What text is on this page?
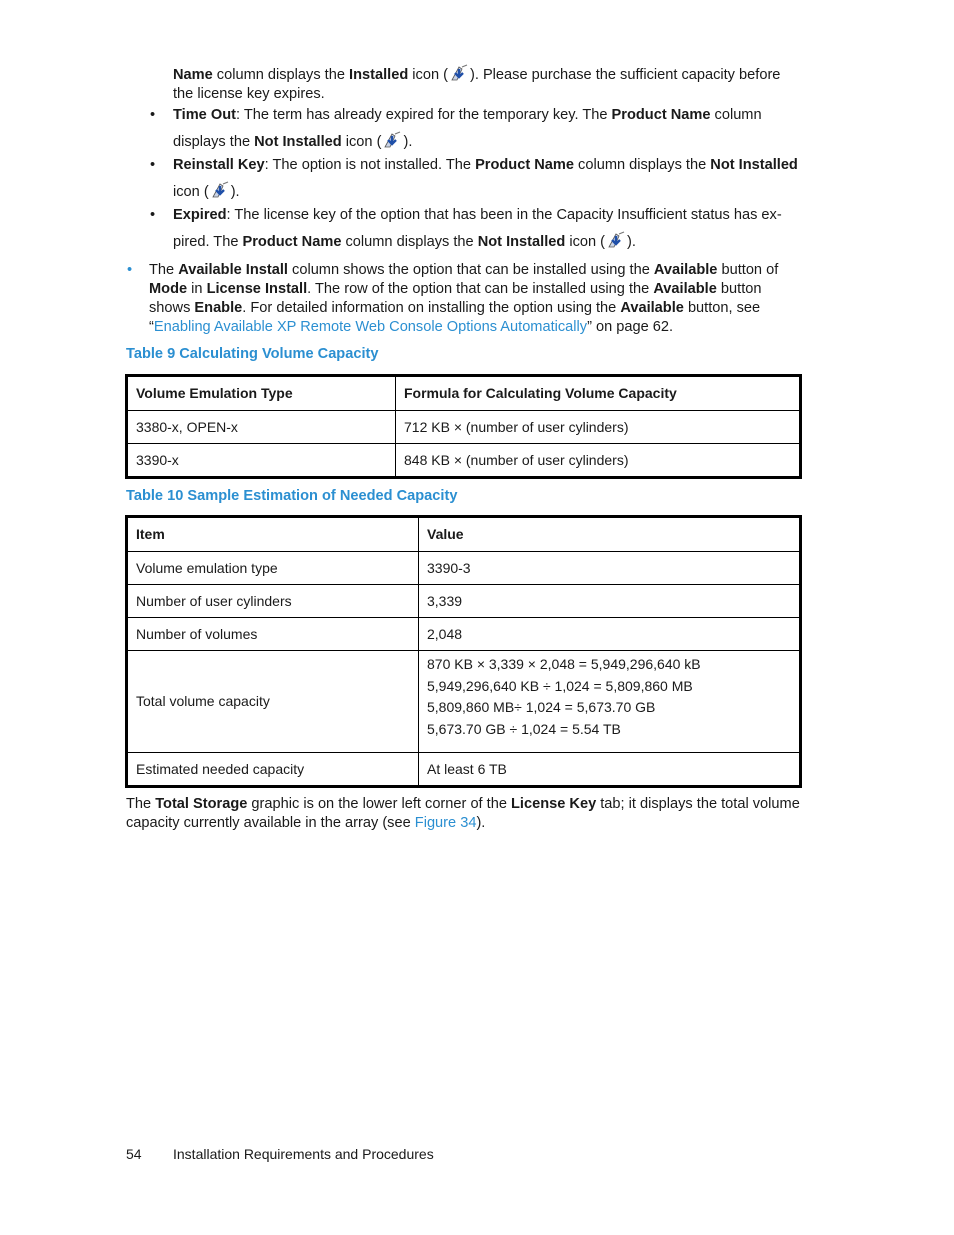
Name column displays the Installed icon ( ). Please purchase the sufficient capacity before the license key expires.
• Time Out: The term has already expired for the temporary key. The Product Name column displays the Not Installed icon ( ).
• Reinstall Key: The option is not installed. The Product Name column displays the Not Installed icon ( ).
• Expired: The license key of the option that has been in the Capacity Insufficient status has ex-pired. The Product Name column displays the Not Installed icon ( ).
• The Available Install column shows the option that can be installed using the Available button of Mode in License Install. The row of the option that can be installed using the Available button shows Enable. For detailed information on installing the option using the Available button, see “Enabling Available XP Remote Web Console Options Automatically” on page 62.
Table 9 Calculating Volume Capacity
Volume Emulation Type	Formula for Calculating Volume Capacity
3380-x, OPEN-x	712 KB × (number of user cylinders)
3390-x	848 KB × (number of user cylinders)
Table 10 Sample Estimation of Needed Capacity
Item	Value
Volume emulation type	3390-3
Number of user cylinders	3,339
Number of volumes	2,048
Total volume capacity	870 KB × 3,339 × 2,048 = 5,949,296,640 kB
5,949,296,640 KB ÷ 1,024 = 5,809,860 MB
5,809,860 MB÷ 1,024 = 5,673.70 GB
5,673.70 GB ÷ 1,024 = 5.54 TB

Estimated needed capacity	At least 6 TB
The Total Storage graphic is on the lower left corner of the License Key tab; it displays the total volume capacity currently available in the array (see Figure 34).
54 Installation Requirements and Procedures
